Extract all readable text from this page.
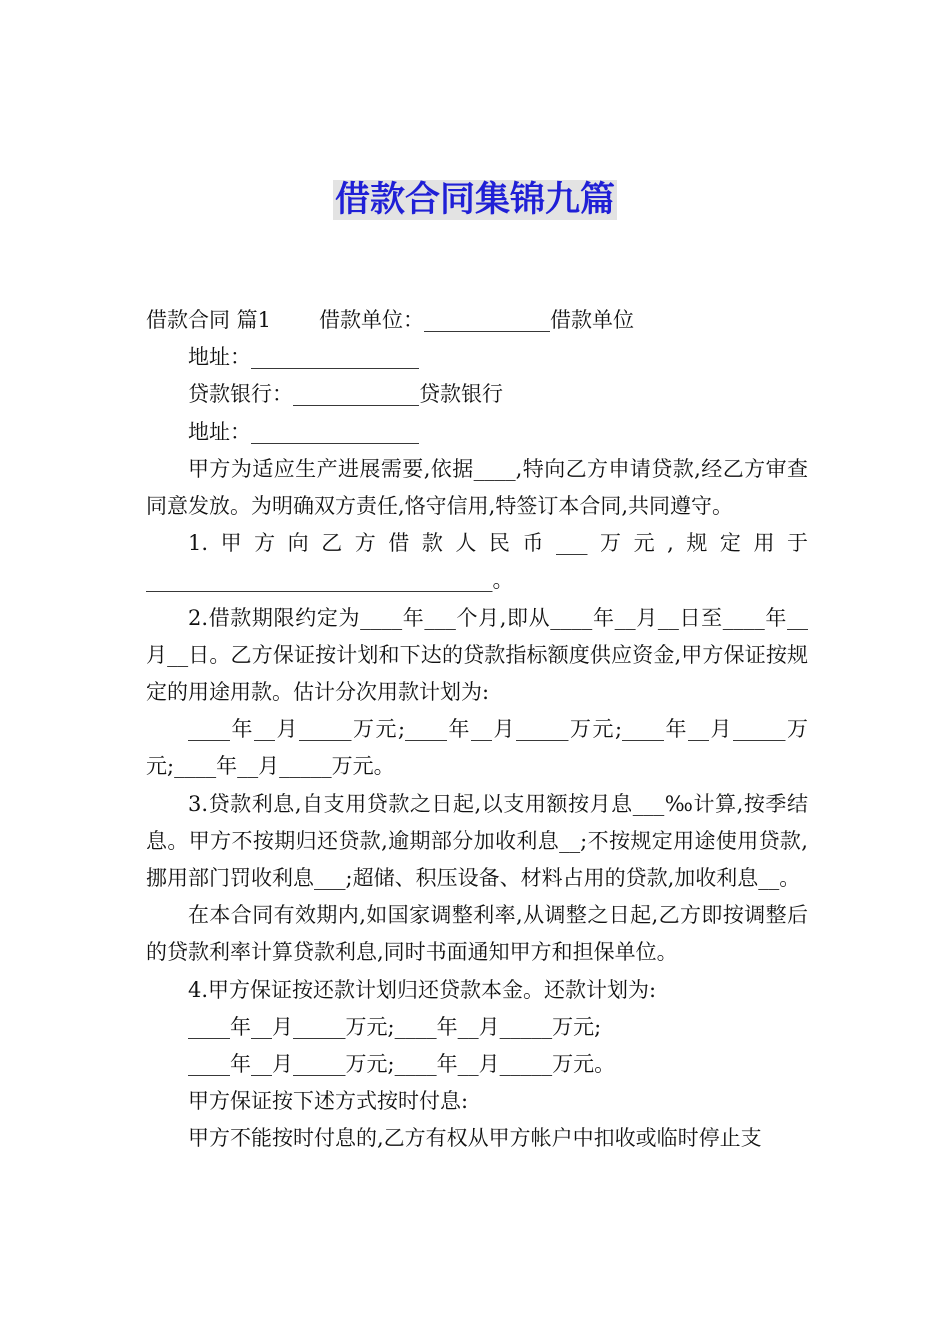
借款合同集锦九篇

借款合同 篇1 借款单位：____________借款单位

地址：________________

贷款银行：____________贷款银行

地址：________________

甲方为适应生产进展需要,依据____,特向乙方申请贷款,经乙方审查同意发放。为明确双方责任,恪守信用,特签订本合同,共同遵守。

1.甲方向乙方借款人民币___万元,规定用于_________________________________。

2.借款期限约定为____年___个月,即从____年__月__日至____年__月__日。乙方保证按计划和下达的贷款指标额度供应资金,甲方保证按规定的用途用款。估计分次用款计划为:

____年__月_____万元;____年__月_____万元;____年__月_____万元;____年__月_____万元。

3.贷款利息,自支用贷款之日起,以支用额按月息___‰计算,按季结息。甲方不按期归还贷款,逾期部分加收利息__;不按规定用途使用贷款,挪用部门罚收利息___;超储、积压设备、材料占用的贷款,加收利息__。

在本合同有效期内,如国家调整利率,从调整之日起,乙方即按调整后的贷款利率计算贷款利息,同时书面通知甲方和担保单位。

4.甲方保证按还款计划归还贷款本金。还款计划为:

____年__月_____万元;____年__月_____万元;

____年__月_____万元;____年__月_____万元。

甲方保证按下述方式按时付息:

甲方不能按时付息的,乙方有权从甲方帐户中扣收或临时停止支
